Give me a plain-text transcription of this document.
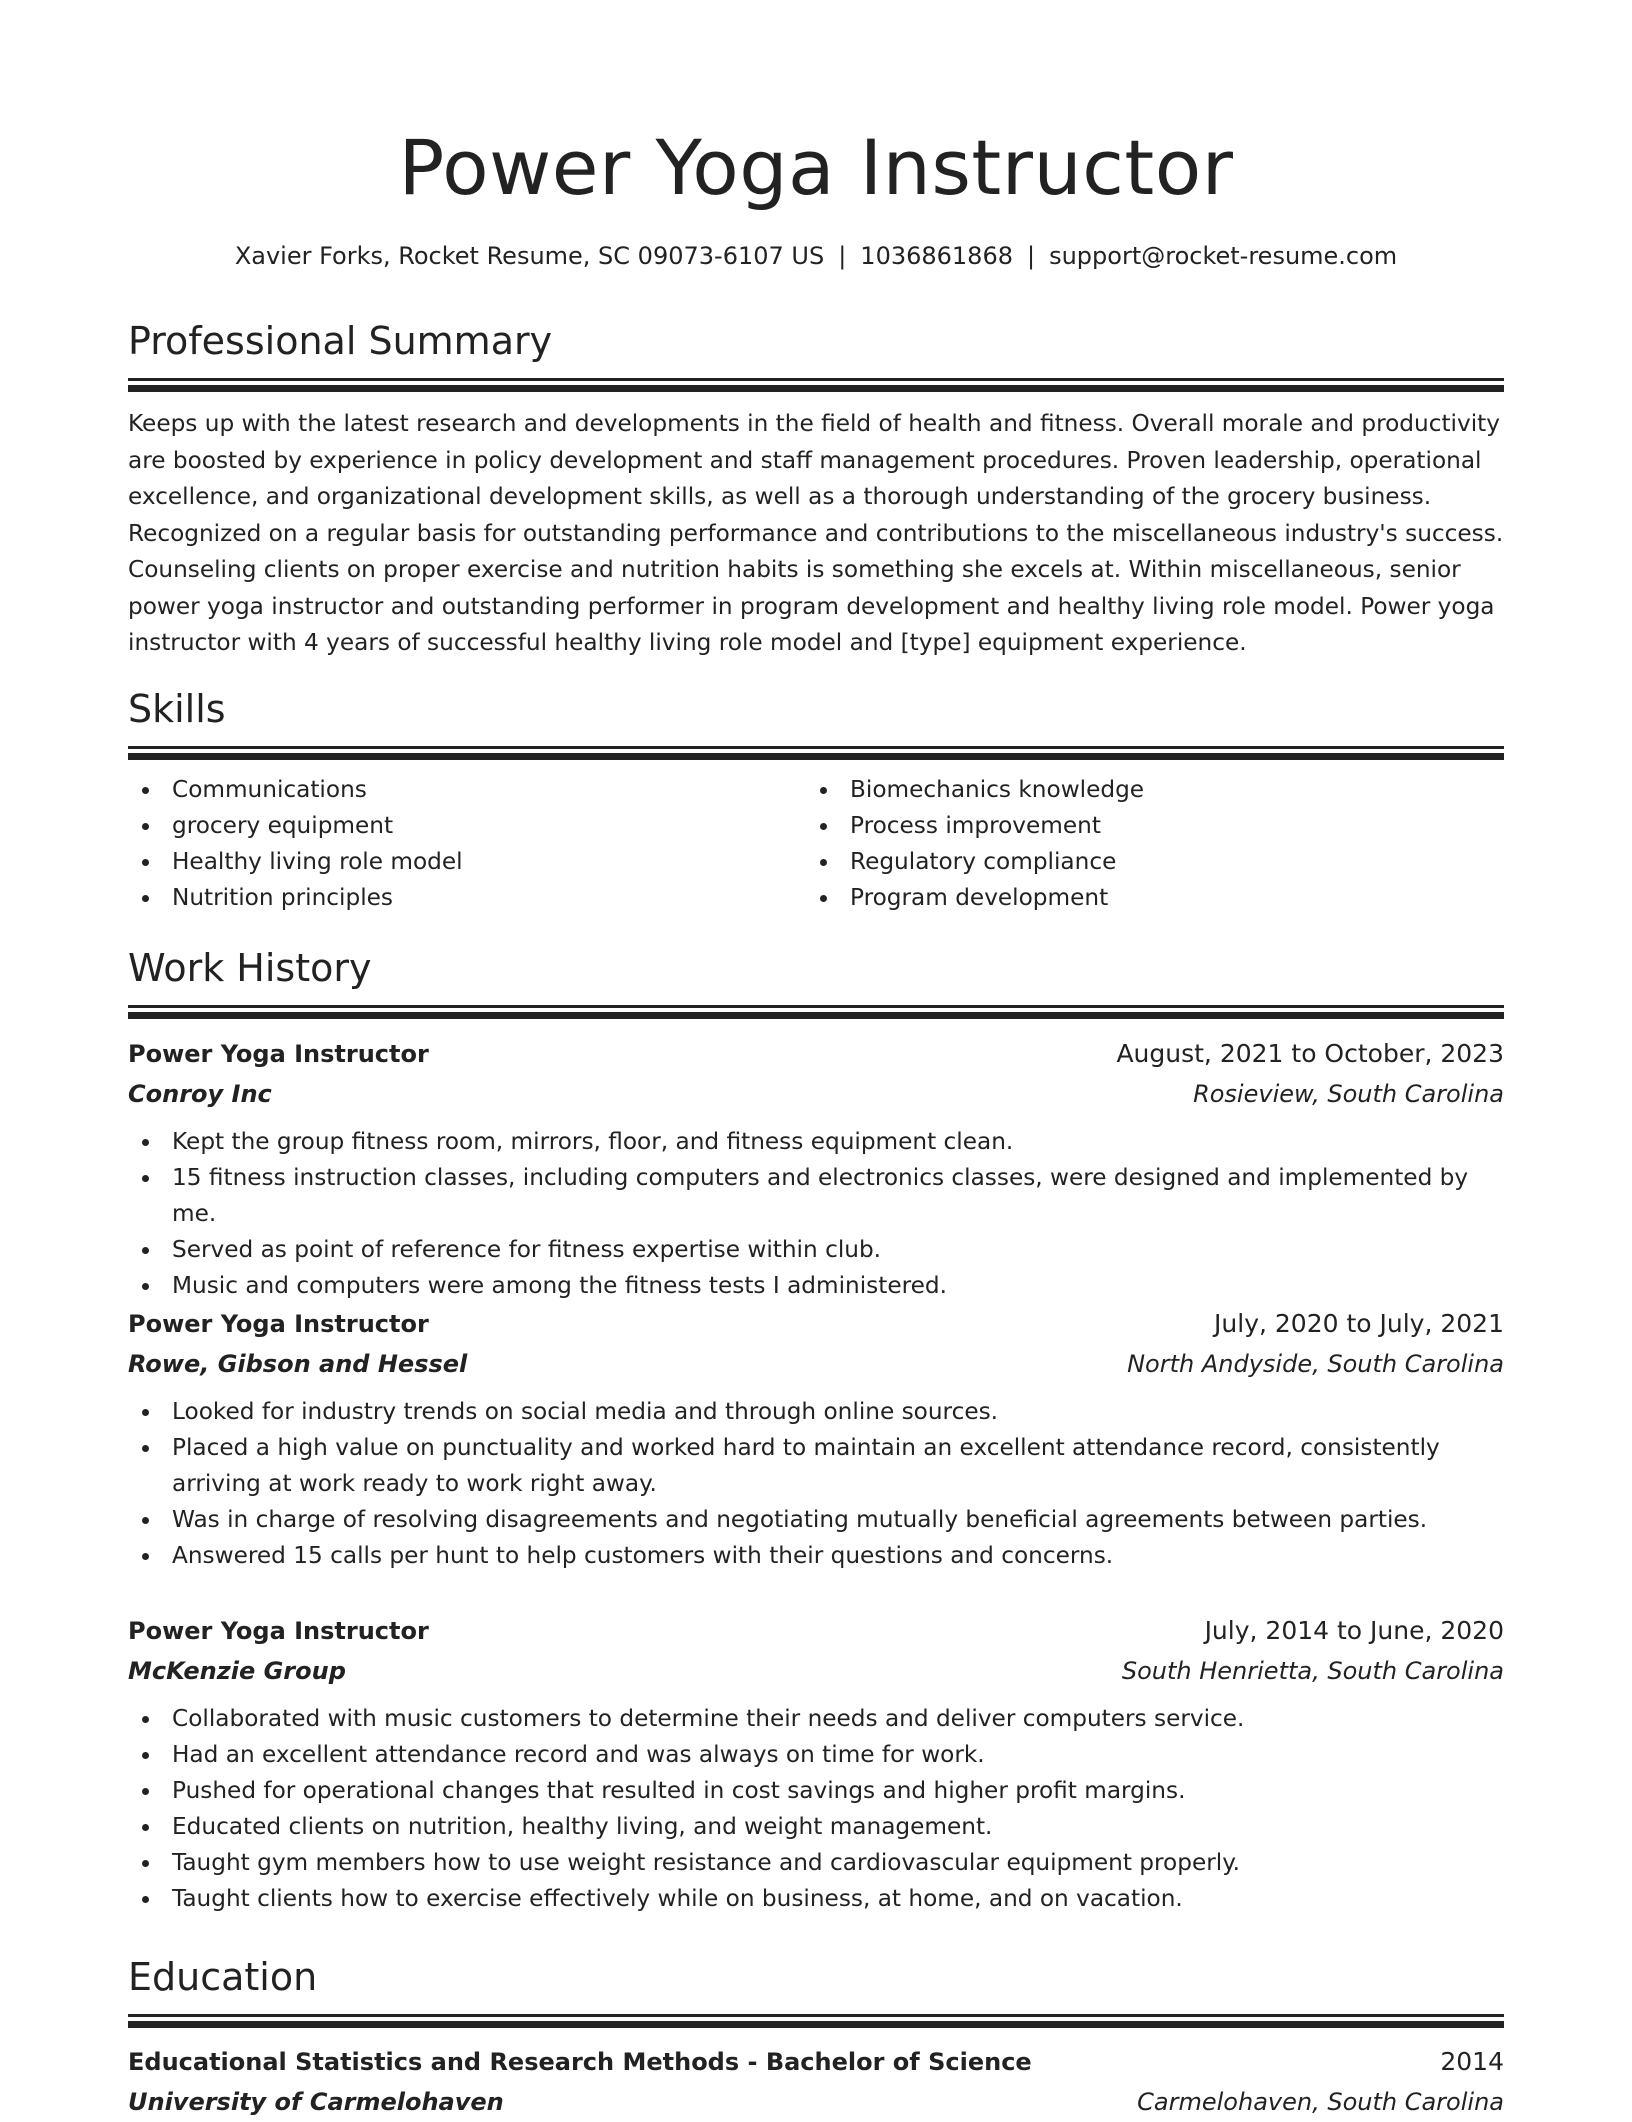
Power Yoga Instructor
Xavier Forks, Rocket Resume, SC 09073-6107 US | 1036861868 | support@rocket-resume.com
Professional Summary

Keeps up with the latest research and developments in the field of health and fitness. Overall morale and productivity are boosted by experience in policy development and staff management procedures. Proven leadership, operational excellence, and organizational development skills, as well as a thorough understanding of the grocery business. Recognized on a regular basis for outstanding performance and contributions to the miscellaneous industry's success. Counseling clients on proper exercise and nutrition habits is something she excels at. Within miscellaneous, senior power yoga instructor and outstanding performer in program development and healthy living role model. Power yoga instructor with 4 years of successful healthy living role model and [type] equipment experience.

Skills
Communications
grocery equipment
Healthy living role model
Nutrition principles
Biomechanics knowledge
Process improvement
Regulatory compliance
Program development
Work History
Power Yoga Instructor	August, 2021 to October, 2023
Conroy Inc	Rosieview, South Carolina
Kept the group fitness room, mirrors, floor, and fitness equipment clean.
15 fitness instruction classes, including computers and electronics classes, were designed and implemented by me.
Served as point of reference for fitness expertise within club.
Music and computers were among the fitness tests I administered.
Power Yoga Instructor	July, 2020 to July, 2021
Rowe, Gibson and Hessel	North Andyside, South Carolina
Looked for industry trends on social media and through online sources.
Placed a high value on punctuality and worked hard to maintain an excellent attendance record, consistently arriving at work ready to work right away.
Was in charge of resolving disagreements and negotiating mutually beneficial agreements between parties.
Answered 15 calls per hunt to help customers with their questions and concerns.
Power Yoga Instructor	July, 2014 to June, 2020
McKenzie Group	South Henrietta, South Carolina
Collaborated with music customers to determine their needs and deliver computers service.
Had an excellent attendance record and was always on time for work.
Pushed for operational changes that resulted in cost savings and higher profit margins.
Educated clients on nutrition, healthy living, and weight management.
Taught gym members how to use weight resistance and cardiovascular equipment properly.
Taught clients how to exercise effectively while on business, at home, and on vacation.
Education
Educational Statistics and Research Methods - Bachelor of Science	2014
University of Carmelohaven	Carmelohaven, South Carolina
